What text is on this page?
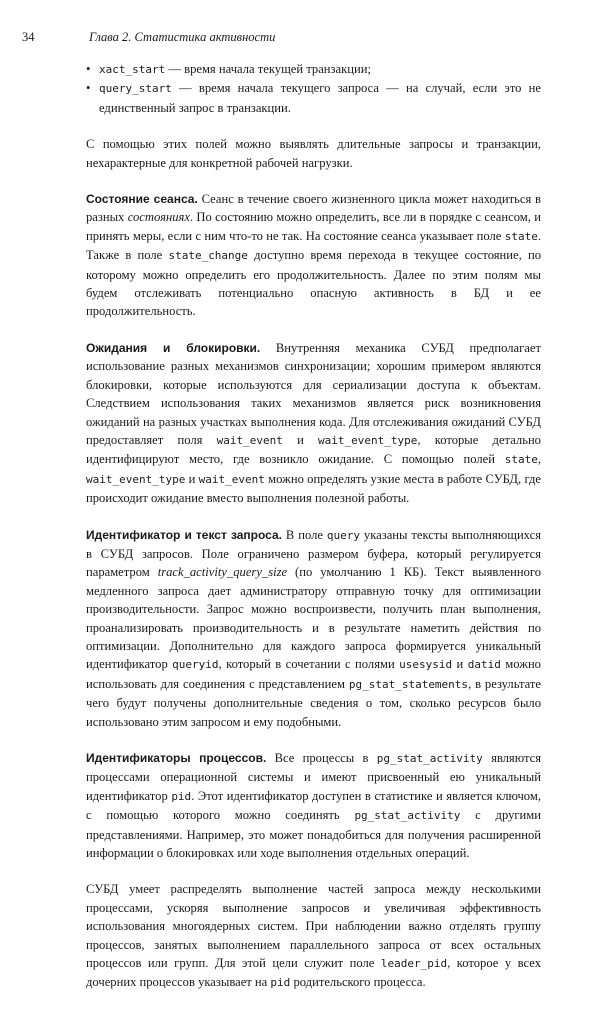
34	Глава 2. Статистика активности
• xact_start — время начала текущей транзакции;
• query_start — время начала текущего запроса — на случай, если это не единственный запрос в транзакции.

С помощью этих полей можно выявлять длительные запросы и транзакции, нехарактерные для конкретной рабочей нагрузки.

Состояние сеанса. Сеанс в течение своего жизненного цикла может находиться в разных состояниях. По состоянию можно определить, все ли в порядке с сеансом, и принять меры, если с ним что-то не так. На состояние сеанса указывает поле state. Также в поле state_change доступно время перехода в текущее состояние, по которому можно определить его продолжительность. Далее по этим полям мы будем отслеживать потенциально опасную активность в БД и ее продолжительность.

Ожидания и блокировки. Внутренняя механика СУБД предполагает использование разных механизмов синхронизации; хорошим примером являются блокировки, которые используются для сериализации доступа к объектам. Следствием использования таких механизмов является риск возникновения ожиданий на разных участках выполнения кода. Для отслеживания ожиданий СУБД предоставляет поля wait_event и wait_event_type, которые детально идентифицируют место, где возникло ожидание. С помощью полей state, wait_event_type и wait_event можно определять узкие места в работе СУБД, где происходит ожидание вместо выполнения полезной работы.

Идентификатор и текст запроса. В поле query указаны тексты выполняющихся в СУБД запросов. Поле ограничено размером буфера, который регулируется параметром track_activity_query_size (по умолчанию 1 КБ). Текст выявленного медленного запроса дает администратору отправную точку для оптимизации производительности. Запрос можно воспроизвести, получить план выполнения, проанализировать производительность и в результате наметить действия по оптимизации. Дополнительно для каждого запроса формируется уникальный идентификатор queryid, который в сочетании с полями usesysid и datid можно использовать для соединения с представлением pg_stat_statements, в результате чего будут получены дополнительные сведения о том, сколько ресурсов было использовано этим запросом и ему подобными.

Идентификаторы процессов. Все процессы в pg_stat_activity являются процессами операционной системы и имеют присвоенный ею уникальный идентификатор pid. Этот идентификатор доступен в статистике и является ключом, с помощью которого можно соединять pg_stat_activity с другими представлениями. Например, это может понадобиться для получения расширенной информации о блокировках или ходе выполнения отдельных операций.

СУБД умеет распределять выполнение частей запроса между несколькими процессами, ускоряя выполнение запросов и увеличивая эффективность использования многоядерных систем. При наблюдении важно отделять группу процессов, занятых выполнением параллельного запроса от всех остальных процессов или групп. Для этой цели служит поле leader_pid, которое у всех дочерних процессов указывает на pid родительского процесса.
